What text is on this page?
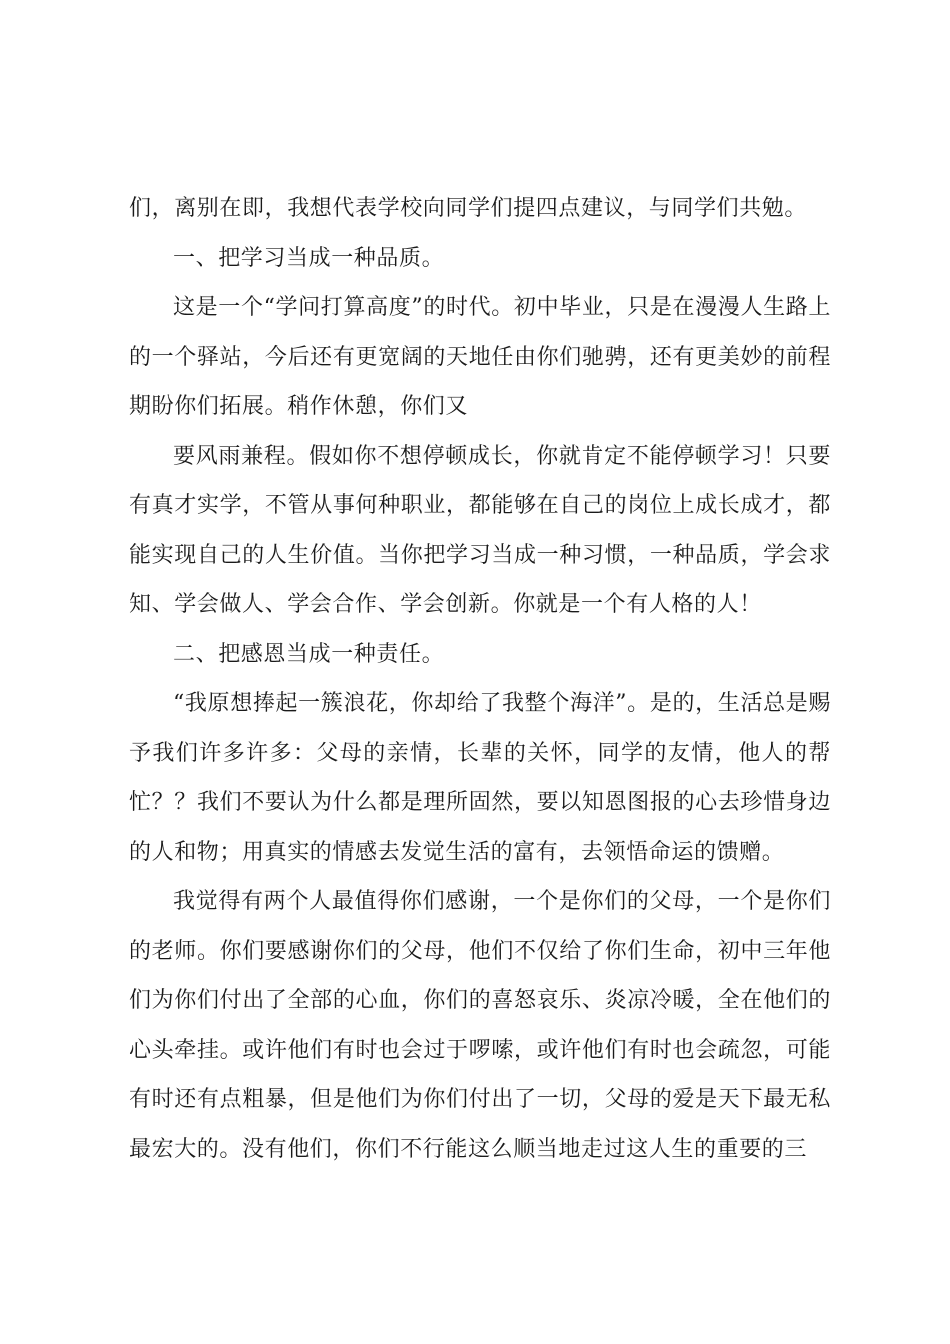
们，离别在即，我想代表学校向同学们提四点建议，与同学们共勉。

一、把学习当成一种品质。

这是一个“学问打算高度”的时代。初中毕业，只是在漫漫人生路上的一个驿站，今后还有更宽阔的天地任由你们驰骋，还有更美妙的前程期盼你们拓展。稍作休憩，你们又

要风雨兼程。假如你不想停顿成长，你就肯定不能停顿学习！只要有真才实学，不管从事何种职业，都能够在自己的岗位上成长成才，都能实现自己的人生价值。当你把学习当成一种习惯，一种品质，学会求知、学会做人、学会合作、学会创新。你就是一个有人格的人！

二、把感恩当成一种责任。

“我原想捧起一簇浪花，你却给了我整个海洋”。是的，生活总是赐予我们许多许多：父母的亲情，长辈的关怀，同学的友情，他人的帮忙？？我们不要认为什么都是理所固然，要以知恩图报的心去珍惜身边的人和物；用真实的情感去发觉生活的富有，去领悟命运的馈赠。

我觉得有两个人最值得你们感谢，一个是你们的父母，一个是你们的老师。你们要感谢你们的父母，他们不仅给了你们生命，初中三年他们为你们付出了全部的心血，你们的喜怒哀乐、炎凉冷暖，全在他们的心头牵挂。或许他们有时也会过于啰嗦，或许他们有时也会疏忽，可能有时还有点粗暴，但是他们为你们付出了一切，父母的爱是天下最无私最宏大的。没有他们，你们不行能这么顺当地走过这人生的重要的三
